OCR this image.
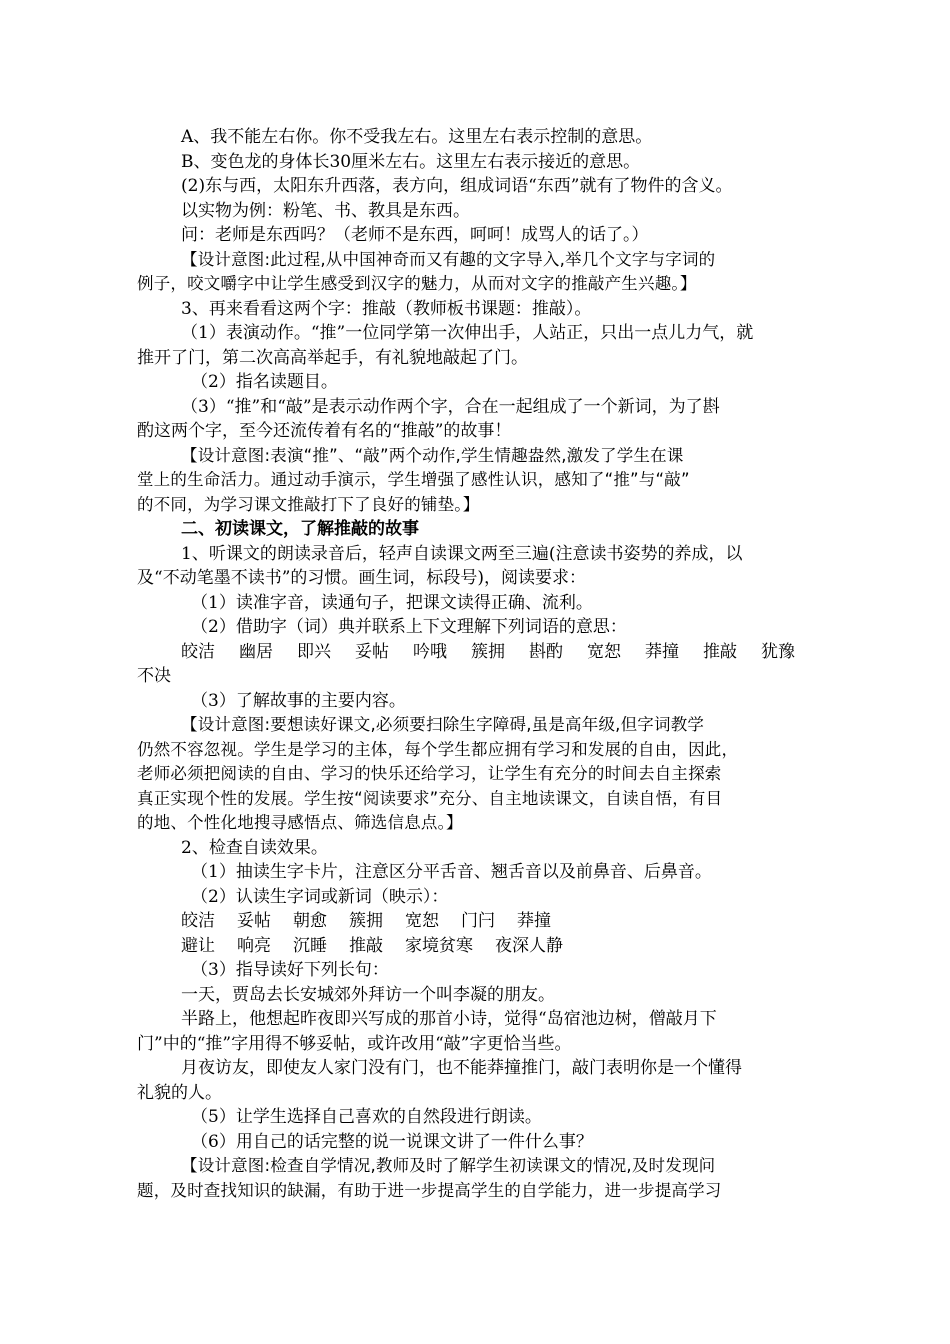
A、我不能左右你。你不受我左右。这里左右表示控制的意思。
B、变色龙的身体长30厘米左右。这里左右表示接近的意思。
(2)东与西，太阳东升西落，表方向，组成词语“东西”就有了物件的含义。
以实物为例：粉笔、书、教具是东西。
问：老师是东西吗？（老师不是东西，呵呵！成骂人的话了。）
【设计意图:此过程,从中国神奇而又有趣的文字导入,举几个文字与字词的
例子，咬文嚼字中让学生感受到汉字的魅力，从而对文字的推敲产生兴趣。】
3、再来看看这两个字：推敲（教师板书课题：推敲）。
（1）表演动作。“推”一位同学第一次伸出手，人站正，只出一点儿力气，就
推开了门，第二次高高举起手，有礼貌地敲起了门。
（2）指名读题目。
（3）“推”和“敲”是表示动作两个字，合在一起组成了一个新词，为了斟
酌这两个字，至今还流传着有名的“推敲”的故事！
【设计意图:表演“推”、“敲”两个动作,学生情趣盎然,激发了学生在课
堂上的生命活力。通过动手演示，学生增强了感性认识，感知了“推”与“敲”
的不同，为学习课文推敲打下了良好的铺垫。】
二、初读课文，了解推敲的故事
1、听课文的朗读录音后，轻声自读课文两至三遍(注意读书姿势的养成，以
及“不动笔墨不读书”的习惯。画生词，标段号)，阅读要求：
（1）读准字音，读通句子，把课文读得正确、流利。
（2）借助字（词）典并联系上下文理解下列词语的意思：
皎洁 幽居 即兴 妥帖 吟哦 簇拥 斟酌 宽恕 莽撞 推敲 犹豫
不决
（3）了解故事的主要内容。
【设计意图:要想读好课文,必须要扫除生字障碍,虽是高年级,但字词教学
仍然不容忽视。学生是学习的主体，每个学生都应拥有学习和发展的自由，因此，
老师必须把阅读的自由、学习的快乐还给学习，让学生有充分的时间去自主探索
真正实现个性的发展。学生按“阅读要求”充分、自主地读课文，自读自悟，有目
的地、个性化地搜寻感悟点、筛选信息点。】
2、检查自读效果。
（1）抽读生字卡片，注意区分平舌音、翘舌音以及前鼻音、后鼻音。
（2）认读生字词或新词（映示）：
皎洁 妥帖 朝愈 簇拥 宽恕 门闩 莽撞
避让 响亮 沉睡 推敲 家境贫寒 夜深人静
（3）指导读好下列长句：
一天，贾岛去长安城郊外拜访一个叫李凝的朋友。
半路上，他想起昨夜即兴写成的那首小诗，觉得“岛宿池边树，僧敲月下
门”中的“推”字用得不够妥帖，或许改用“敲”字更恰当些。
月夜访友，即使友人家门没有门，也不能莽撞推门，敲门表明你是一个懂得
礼貌的人。
（5）让学生选择自己喜欢的自然段进行朗读。
（6）用自己的话完整的说一说课文讲了一件什么事？
【设计意图:检查自学情况,教师及时了解学生初读课文的情况,及时发现问
题，及时查找知识的缺漏，有助于进一步提高学生的自学能力，进一步提高学习
